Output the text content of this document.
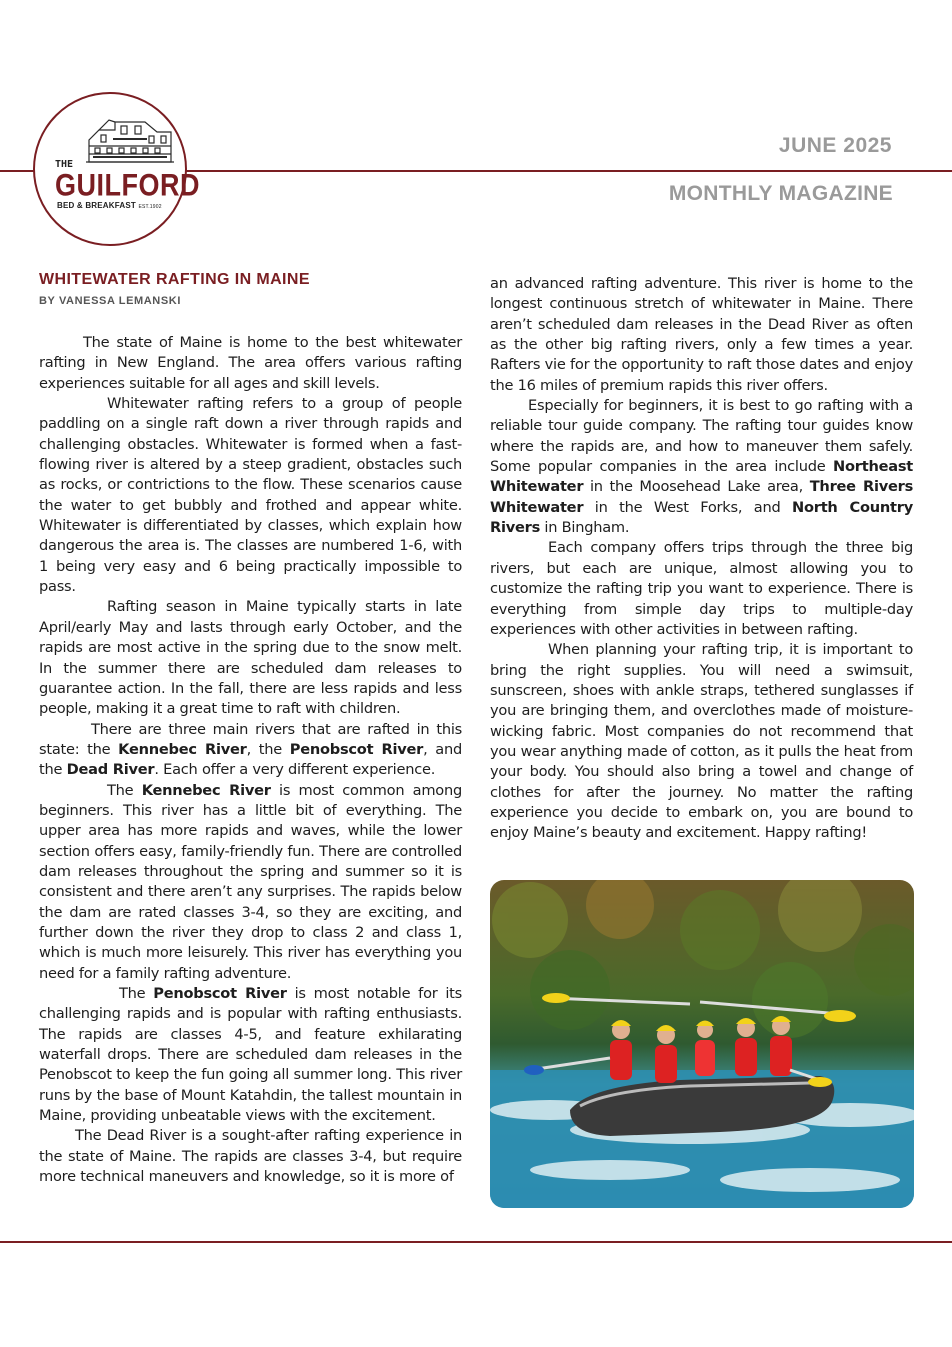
THE
GUILFORD
BED & BREAKFAST EST.1902
JUNE 2025
MONTHLY MAGAZINE
WHITEWATER RAFTING IN MAINE
BY VANESSA LEMANSKI

The state of Maine is home to the best whitewater rafting in New England. The area offers various rafting experiences suitable for all ages and skill levels.

Whitewater rafting refers to a group of people paddling on a single raft down a river through rapids and challenging obstacles. Whitewater is formed when a fast-flowing river is altered by a steep gradient, obstacles such as rocks, or contrictions to the flow. These scenarios cause the water to get bubbly and frothed and appear white. Whitewater is differentiated by classes, which explain how dangerous the area is. The classes are numbered 1-6, with 1 being very easy and 6 being practically impossible to pass.

Rafting season in Maine typically starts in late April/early May and lasts through early October, and the rapids are most active in the spring due to the snow melt. In the summer there are scheduled dam releases to guarantee action. In the fall, there are less rapids and less people, making it a great time to raft with children.

There are three main rivers that are rafted in this state: the Kennebec River, the Penobscot River, and the Dead River. Each offer a very different experience.

The Kennebec River is most common among beginners. This river has a little bit of everything. The upper area has more rapids and waves, while the lower section offers easy, family-friendly fun. There are controlled dam releases throughout the spring and summer so it is consistent and there aren’t any surprises. The rapids below the dam are rated classes 3-4, so they are exciting, and further down the river they drop to class 2 and class 1, which is much more leisurely. This river has everything you need for a family rafting adventure.

The Penobscot River is most notable for its challenging rapids and is popular with rafting enthusiasts. The rapids are classes 4-5, and feature exhilarating waterfall drops. There are scheduled dam releases in the Penobscot to keep the fun going all summer long. This river runs by the base of Mount Katahdin, the tallest mountain in Maine, providing unbeatable views with the excitement.

The Dead River is a sought-after rafting experience in the state of Maine. The rapids are classes 3-4, but require more technical maneuvers and knowledge, so it is more of

an advanced rafting adventure. This river is home to the longest continuous stretch of whitewater in Maine. There aren’t scheduled dam releases in the Dead River as often as the other big rafting rivers, only a few times a year. Rafters vie for the opportunity to raft those dates and enjoy the 16 miles of premium rapids this river offers.

Especially for beginners, it is best to go rafting with a reliable tour guide company. The rafting tour guides know where the rapids are, and how to maneuver them safely. Some popular companies in the area include Northeast Whitewater in the Moosehead Lake area, Three Rivers Whitewater in the West Forks, and North Country Rivers in Bingham.

Each company offers trips through the three big rivers, but each are unique, almost allowing you to customize the rafting trip you want to experience. There is everything from simple day trips to multiple-day experiences with other activities in between rafting.

When planning your rafting trip, it is important to bring the right supplies. You will need a swimsuit, sunscreen, shoes with ankle straps, tethered sunglasses if you are bringing them, and overclothes made of moisture-wicking fabric. Most companies do not recommend that you wear anything made of cotton, as it pulls the heat from your body. You should also bring a towel and change of clothes for after the journey. No matter the rafting experience you decide to embark on, you are bound to enjoy Maine’s beauty and excitement. Happy rafting!
